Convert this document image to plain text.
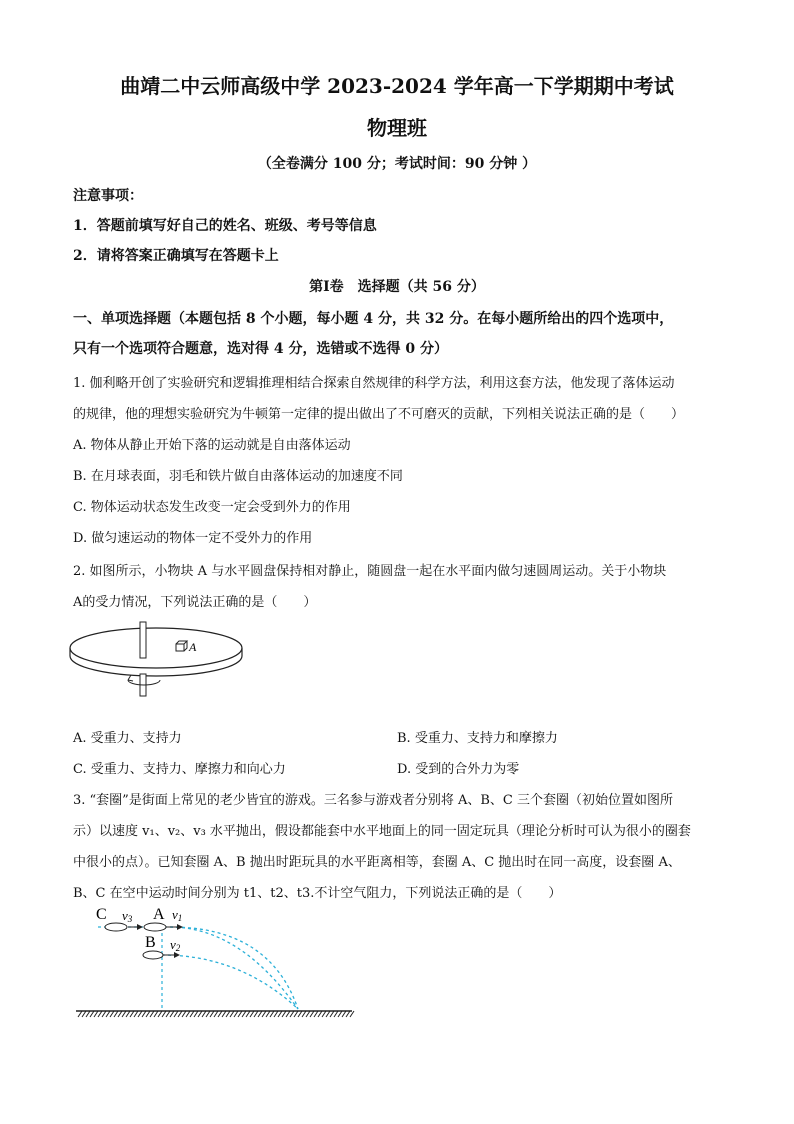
曲靖二中云师高级中学 2023-2024 学年高一下学期期中考试
物理班
（全卷满分 100 分；考试时间：90 分钟 ）
注意事项：
1．答题前填写好自己的姓名、班级、考号等信息
2．请将答案正确填写在答题卡上
第Ⅰ卷　选择题（共 56 分）
一、单项选择题（本题包括 8 个小题，每小题 4 分，共 32 分。在每小题所给出的四个选项中，
只有一个选项符合题意，选对得 4 分，选错或不选得 0 分）
1. 伽利略开创了实验研究和逻辑推理相结合探索自然规律的科学方法，利用这套方法，他发现了落体运动
的规律，他的理想实验研究为牛顿第一定律的提出做出了不可磨灭的贡献，下列相关说法正确的是（　　）
A. 物体从静止开始下落的运动就是自由落体运动
B. 在月球表面，羽毛和铁片做自由落体运动的加速度不同
C. 物体运动状态发生改变一定会受到外力的作用
D. 做匀速运动的物体一定不受外力的作用
2. 如图所示，小物块 A 与水平圆盘保持相对静止，随圆盘一起在水平面内做匀速圆周运动。关于小物块
A的受力情况，下列说法正确的是（　　）
A
A. 受重力、支持力	B. 受重力、支持力和摩擦力
C. 受重力、支持力、摩擦力和向心力	D. 受到的合外力为零
3. “套圈”是街面上常见的老少皆宜的游戏。三名参与游戏者分别将 A、B、C 三个套圈（初始位置如图所
示）以速度 v₁、v₂、v₃ 水平抛出，假设都能套中水平地面上的同一固定玩具（理论分析时可认为很小的圈套
中很小的点）。已知套圈 A、B 抛出时距玩具的水平距离相等，套圈 A、C 抛出时在同一高度，设套圈 A、
B、C 在空中运动时间分别为 t1、t2、t3.不计空气阻力，下列说法正确的是（　　）
C v3 A v1
B v2
